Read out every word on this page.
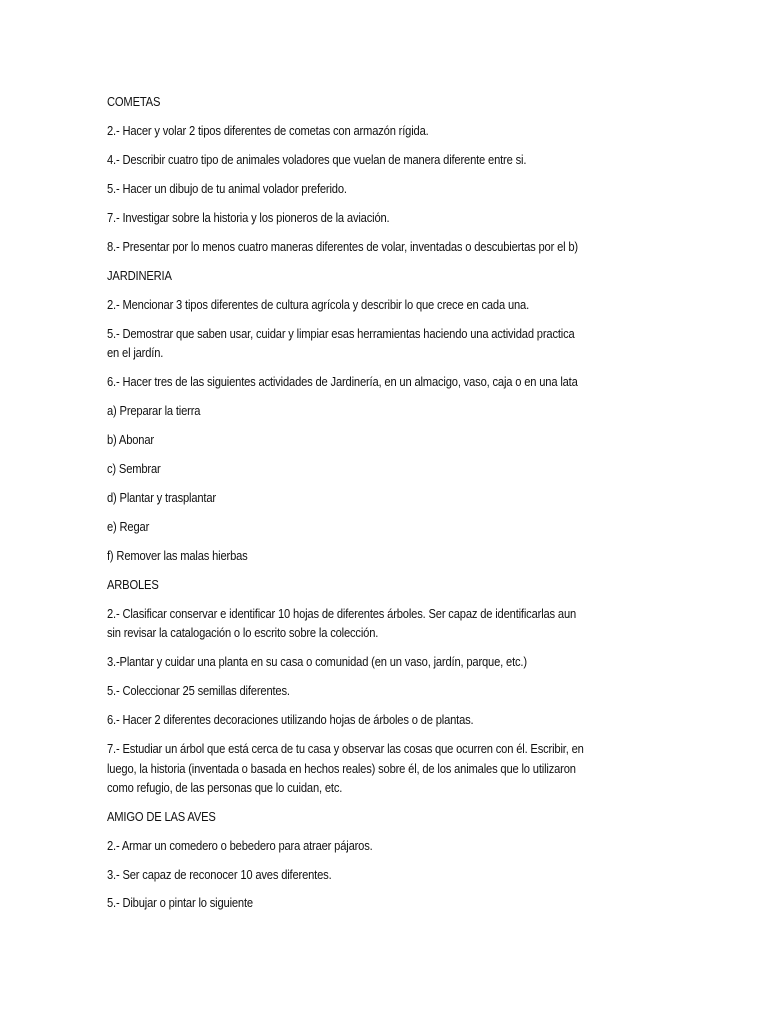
COMETAS
2.- Hacer y volar 2 tipos diferentes de cometas con armazón rígida.
4.- Describir cuatro tipo de animales voladores que vuelan de manera diferente entre si.
5.- Hacer un dibujo de tu animal volador preferido.
7.- Investigar sobre la historia y los pioneros de la aviación.
8.- Presentar por lo menos cuatro maneras diferentes de volar, inventadas o descubiertas por el b)
JARDINERIA
2.- Mencionar 3 tipos diferentes de cultura agrícola y describir lo que crece en cada una.
5.- Demostrar que saben usar, cuidar y limpiar esas herramientas haciendo una actividad practica
en el jardín.
6.- Hacer tres de las siguientes actividades de Jardinería, en un almacigo, vaso, caja o en una lata
a) Preparar la tierra
b) Abonar
c) Sembrar
d) Plantar y trasplantar
e) Regar
f) Remover las malas hierbas
ARBOLES
2.- Clasificar conservar e identificar 10 hojas de diferentes árboles. Ser capaz de identificarlas aun
sin revisar la catalogación o lo escrito sobre la colección.
3.-Plantar y cuidar una planta en su casa o comunidad (en un vaso, jardín, parque, etc.)
5.- Coleccionar 25 semillas diferentes.
6.- Hacer 2 diferentes decoraciones utilizando hojas de árboles o de plantas.
7.- Estudiar un árbol que está cerca de tu casa y observar las cosas que ocurren con él. Escribir, en
luego, la historia (inventada o basada en hechos reales) sobre él, de los animales que lo utilizaron
como refugio, de las personas que lo cuidan, etc.
AMIGO DE LAS AVES
2.- Armar un comedero o bebedero para atraer pájaros.
3.- Ser capaz de reconocer 10 aves diferentes.
5.- Dibujar o pintar lo siguiente
